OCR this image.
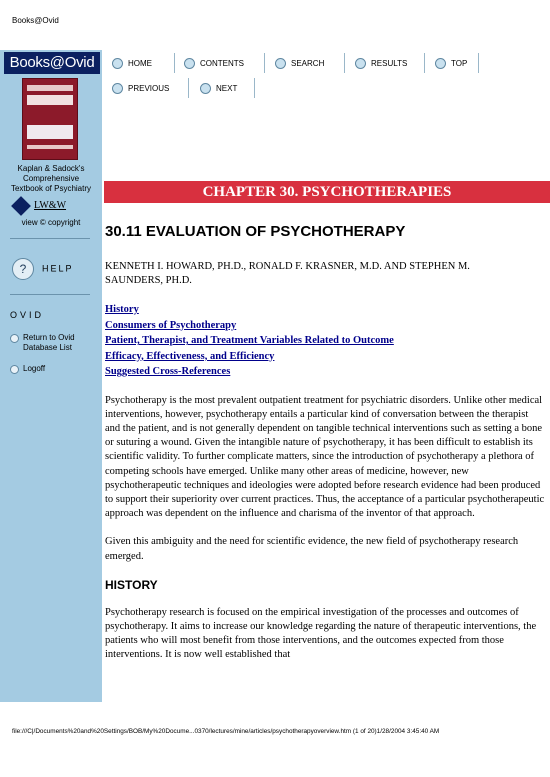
Books@Ovid
Books@Ovid
Kaplan & Sadock's
Comprehensive
Textbook of Psychiatry
LW&W
view © copyright
? HELP
OVID
Return to Ovid
Database List
Logoff
HOME	CONTENTS	SEARCH	RESULTS	TOP
PREVIOUS	NEXT
CHAPTER 30. PSYCHOTHERAPIES
30.11 EVALUATION OF PSYCHOTHERAPY

KENNETH I. HOWARD, PH.D., RONALD F. KRASNER, M.D. AND STEPHEN M.
SAUNDERS, PH.D.

History
Consumers of Psychotherapy
Patient, Therapist, and Treatment Variables Related to Outcome
Efficacy, Effectiveness, and Efficiency
Suggested Cross-References

Psychotherapy is the most prevalent outpatient treatment for psychiatric disorders. Unlike other medical interventions, however, psychotherapy entails a particular kind of conversation between the therapist and the patient, and is not generally dependent on tangible technical interventions such as setting a bone or suturing a wound. Given the intangible nature of psychotherapy, it has been difficult to establish its scientific validity. To further complicate matters, since the introduction of psychotherapy a plethora of competing schools have emerged. Unlike many other areas of medicine, however, new psychotherapeutic techniques and ideologies were adopted before research evidence had been produced to support their superiority over current practices. Thus, the acceptance of a particular psychotherapeutic approach was dependent on the influence and charisma of the inventor of that approach.

Given this ambiguity and the need for scientific evidence, the new field of psychotherapy research emerged.

HISTORY

Psychotherapy research is focused on the empirical investigation of the processes and outcomes of psychotherapy. It aims to increase our knowledge regarding the nature of therapeutic interventions, the patients who will most benefit from those interventions, and the outcomes expected from those interventions. It is now well established that

file:///C|/Documents%20and%20Settings/BOB/My%20Docume...0370/lectures/mine/articles/psychotherapyoverview.htm (1 of 20)1/28/2004 3:45:40 AM
